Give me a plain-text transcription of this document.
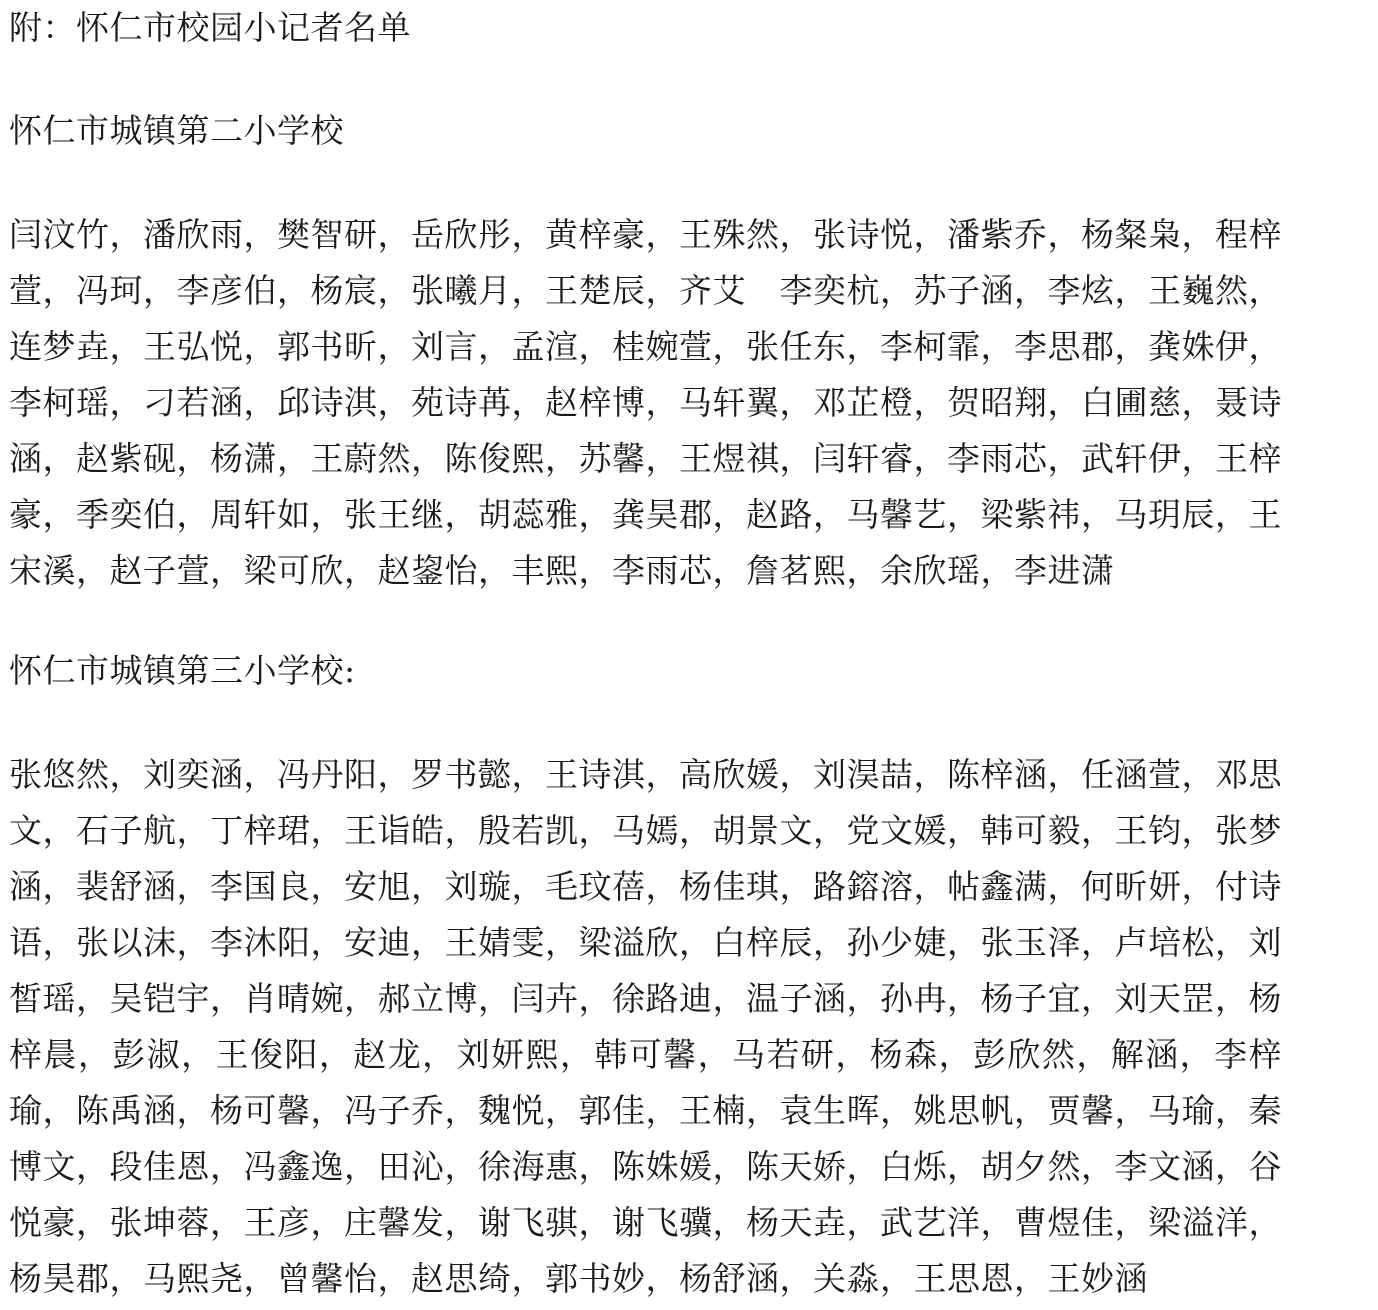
附：怀仁市校园小记者名单
怀仁市城镇第二小学校
闫汶竹，潘欣雨，樊智研，岳欣彤，黄梓豪，王殊然，张诗悦，潘紫乔，杨粲枭，程梓
萱，冯珂，李彦伯，杨宸，张曦月，王楚辰，齐艾　李奕杭，苏子涵，李炫，王巍然，
连梦垚，王弘悦，郭书昕，刘言，孟渲，桂婉萱，张任东，李柯霏，李思郡，龚姝伊，
李柯瑶，刁若涵，邱诗淇，苑诗苒，赵梓博，马轩翼，邓芷橙，贺昭翔，白圃慈，聂诗
涵，赵紫砚，杨潇，王蔚然，陈俊熙，苏馨，王煜祺，闫轩睿，李雨芯，武轩伊，王梓
豪，季奕伯，周轩如，张王继，胡蕊雅，龚昊郡，赵路，马馨艺，梁紫祎，马玥辰，王
宋溪，赵子萱，梁可欣，赵鋆怡，丰熙，李雨芯，詹茗熙，余欣瑶，李进潇
怀仁市城镇第三小学校:
张悠然，刘奕涵，冯丹阳，罗书懿，王诗淇，高欣媛，刘淏喆，陈梓涵，任涵萱，邓思
文，石子航，丁梓珺，王诣皓，殷若凯，马嫣，胡景文，党文媛，韩可毅，王钧，张梦
涵，裴舒涵，李国良，安旭，刘璇，毛玟蓓，杨佳琪，路鎔溶，帖鑫满，何昕妍，付诗
语，张以沫，李沐阳，安迪，王婧雯，梁溢欣，白梓辰，孙少婕，张玉泽，卢培松，刘
皙瑶，吴铠宇，肖晴婉，郝立博，闫卉，徐路迪，温子涵，孙冉，杨子宜，刘天罡，杨
梓晨，彭淑，王俊阳，赵龙，刘妍熙，韩可馨，马若研，杨森，彭欣然，解涵，李梓
瑜，陈禹涵，杨可馨，冯子乔，魏悦，郭佳，王楠，袁生晖，姚思帆，贾馨，马瑜，秦
博文，段佳恩，冯鑫逸，田沁，徐海惠，陈姝媛，陈天娇，白烁，胡夕然，李文涵，谷
悦豪，张坤蓉，王彦，庄馨发，谢飞骐，谢飞骥，杨天垚，武艺洋，曹煜佳，梁溢洋，
杨昊郡，马熙尧，曾馨怡，赵思绮，郭书妙，杨舒涵，关淼，王思恩，王妙涵
